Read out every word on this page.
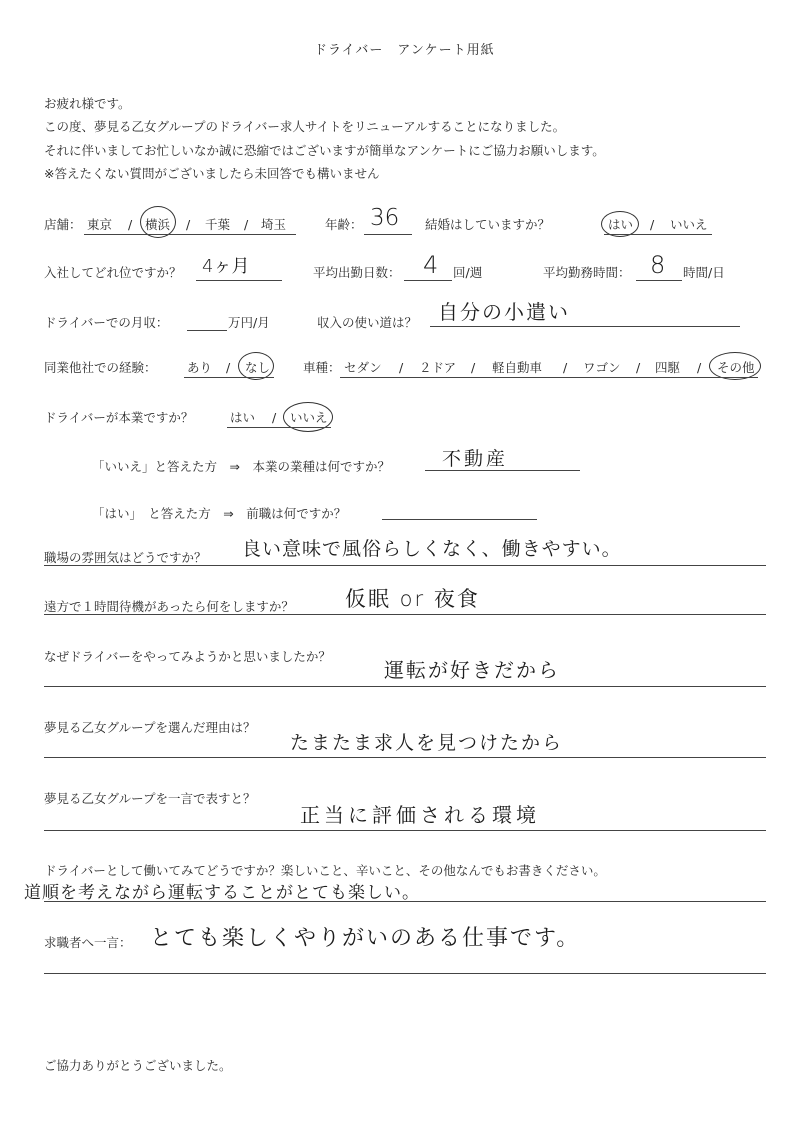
ドライバー　アンケート用紙
お疲れ様です。
この度、夢見る乙女グループのドライバー求人サイトをリニューアルすることになりました。
それに伴いましてお忙しいなか誠に恐縮ではございますが簡単なアンケートにご協力お願いします。
※答えたくない質問がございましたら未回答でも構いません
店舗： 東京 / 横浜 / 千葉 / 埼玉	年齢： 36 結婚はしていますか？	はい / いいえ
入社してどれ位ですか？ 4ヶ月	平均出勤日数： 4 回/週	平均勤務時間： 8 時間/日
ドライバーでの月収：	万円/月	収入の使い道は？ 自分の小遣い
同業他社での経験： あり / なし	車種： セダン / ２ドア / 軽自動車 / ワゴン / 四駆 / その他
ドライバーが本業ですか？	はい / いいえ
「いいえ」と答えた方　⇒　本業の業種は何ですか？	不動産
「はい」　と答えた方　⇒　前職は何ですか？
職場の雰囲気はどうですか？ 良い意味で風俗らしくなく、働きやすい。
遠方で１時間待機があったら何をしますか？ 仮眠 or 夜食
なぜドライバーをやってみようかと思いましたか？
運転が好きだから
夢見る乙女グループを選んだ理由は？
たまたま求人を見つけたから
夢見る乙女グループを一言で表すと？
正当に評価される環境
ドライバーとして働いてみてどうですか？楽しいこと、辛いこと、その他なんでもお書きください。
道順を考えながら運転することがとても楽しい。
求職者へ一言： とても楽しくやりがいのある仕事です。
ご協力ありがとうございました。
